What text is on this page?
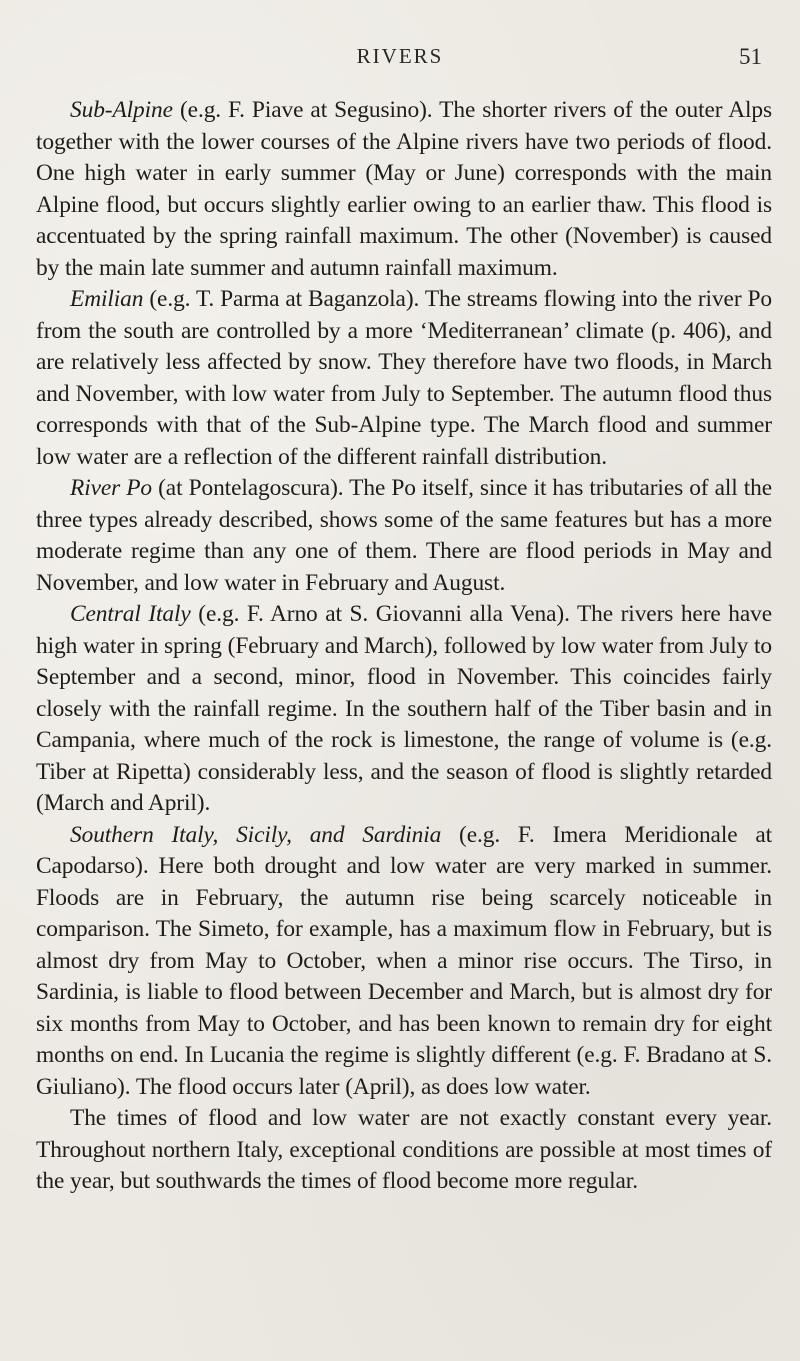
RIVERS	51

Sub-Alpine (e.g. F. Piave at Segusino). The shorter rivers of the outer Alps together with the lower courses of the Alpine rivers have two periods of flood. One high water in early summer (May or June) corresponds with the main Alpine flood, but occurs slightly earlier owing to an earlier thaw. This flood is accentuated by the spring rainfall maximum. The other (November) is caused by the main late summer and autumn rainfall maximum.

Emilian (e.g. T. Parma at Baganzola). The streams flowing into the river Po from the south are controlled by a more ‘Mediterranean’ climate (p. 406), and are relatively less affected by snow. They therefore have two floods, in March and November, with low water from July to September. The autumn flood thus corresponds with that of the Sub-Alpine type. The March flood and summer low water are a reflection of the different rainfall distribution.

River Po (at Pontelagoscura). The Po itself, since it has tributaries of all the three types already described, shows some of the same features but has a more moderate regime than any one of them. There are flood periods in May and November, and low water in February and August.

Central Italy (e.g. F. Arno at S. Giovanni alla Vena). The rivers here have high water in spring (February and March), followed by low water from July to September and a second, minor, flood in November. This coincides fairly closely with the rainfall regime. In the southern half of the Tiber basin and in Campania, where much of the rock is limestone, the range of volume is (e.g. Tiber at Ripetta) considerably less, and the season of flood is slightly retarded (March and April).

Southern Italy, Sicily, and Sardinia (e.g. F. Imera Meridionale at Capodarso). Here both drought and low water are very marked in summer. Floods are in February, the autumn rise being scarcely noticeable in comparison. The Simeto, for example, has a maximum flow in February, but is almost dry from May to October, when a minor rise occurs. The Tirso, in Sardinia, is liable to flood between December and March, but is almost dry for six months from May to October, and has been known to remain dry for eight months on end. In Lucania the regime is slightly different (e.g. F. Bradano at S. Giuliano). The flood occurs later (April), as does low water.

The times of flood and low water are not exactly constant every year. Throughout northern Italy, exceptional conditions are possible at most times of the year, but southwards the times of flood become more regular.
